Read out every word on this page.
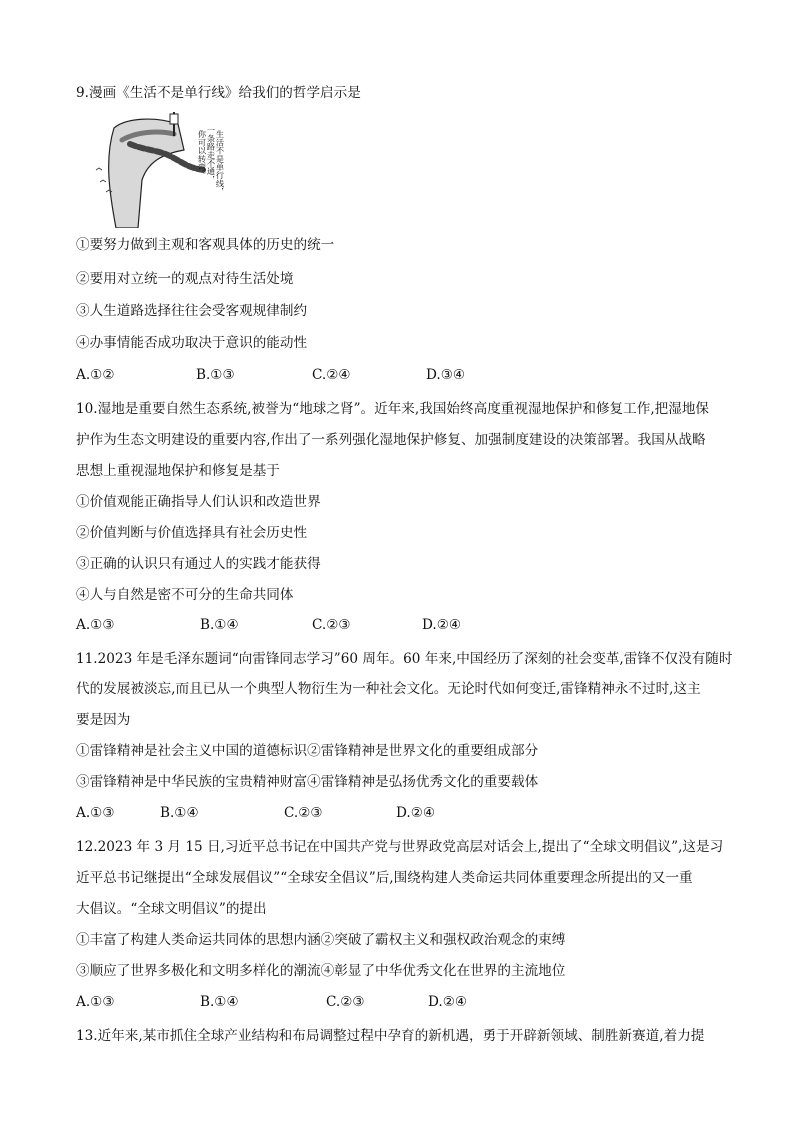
9.漫画《生活不是单行线》给我们的哲学启示是
生活不是单行线，
一条路走不通，
你可以转弯。
①要努力做到主观和客观具体的历史的统一
②要用对立统一的观点对待生活处境
③人生道路选择往往会受客观规律制约
④办事情能否成功取决于意识的能动性
A.①②	B.①③	C.②④	D.③④
10.湿地是重要自然生态系统,被誉为“地球之肾”。近年来,我国始终高度重视湿地保护和修复工作,把湿地保
护作为生态文明建设的重要内容,作出了一系列强化湿地保护修复、加强制度建设的决策部署。我国从战略
思想上重视湿地保护和修复是基于
①价值观能正确指导人们认识和改造世界
②价值判断与价值选择具有社会历史性
③正确的认识只有通过人的实践才能获得
④人与自然是密不可分的生命共同体
A.①③	B.①④	C.②③	D.②④
11.2023 年是毛泽东题词“向雷锋同志学习”60 周年。60 年来,中国经历了深刻的社会变革,雷锋不仅没有随时
代的发展被淡忘,而且已从一个典型人物衍生为一种社会文化。无论时代如何变迁,雷锋精神永不过时,这主
要是因为
①雷锋精神是社会主义中国的道德标识②雷锋精神是世界文化的重要组成部分
③雷锋精神是中华民族的宝贵精神财富④雷锋精神是弘扬优秀文化的重要载体
A.①③	B.①④	C.②③	D.②④
12.2023 年 3 月 15 日,习近平总书记在中国共产党与世界政党高层对话会上,提出了“全球文明倡议”,这是习
近平总书记继提出“全球发展倡议”“全球安全倡议”后,围绕构建人类命运共同体重要理念所提出的又一重
大倡议。“全球文明倡议”的提出
①丰富了构建人类命运共同体的思想内涵②突破了霸权主义和强权政治观念的束缚
③顺应了世界多极化和文明多样化的潮流④彰显了中华优秀文化在世界的主流地位
A.①③	B.①④	C.②③	D.②④
13.近年来,某市抓住全球产业结构和布局调整过程中孕育的新机遇，勇于开辟新领域、制胜新赛道,着力提
